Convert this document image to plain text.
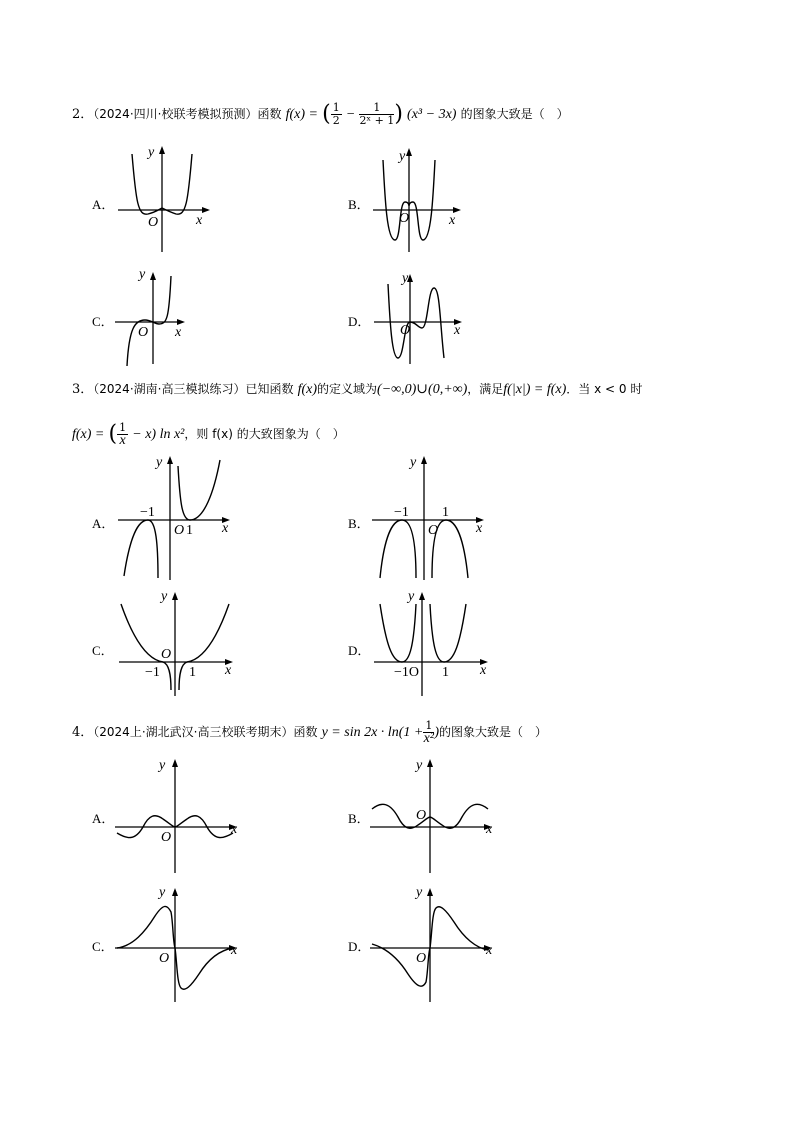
2．（2024·四川·校联考模拟预测）函数 f(x) = ( $\frac{1}{2} - \frac{1}{\text{2ˣ + 1}}$ ) (x³ − 3x) 的图象大致是（　）
A．	B．
C．	D．
y
x
O
y
x
O
y
x
O
y
x
O
3．（2024·湖南·高三模拟练习）已知函数 f(x)的定义域为(−∞,0)∪(0,+∞)，满足f(|x|) = f(x)．当 x < 0 时
f(x) = ( $\frac{1}{x} - x$) ln x²，则 f(x) 的大致图象为（　）
A．	B．
C．	D．
−1
O 1 x
y
−1
O
1
x
y
−1
O
1 x
y
−1O 1 x
y
4．（2024上·湖北武汉·高三校联考期末）函数 $y = \sin 2x \cdot \ln(1 + \frac{1}{\text{x²}}$ )的图象大致是（　）
A．	B．
C．	D．
y
x
O
y
x
O
y
x
O
y
x
O
